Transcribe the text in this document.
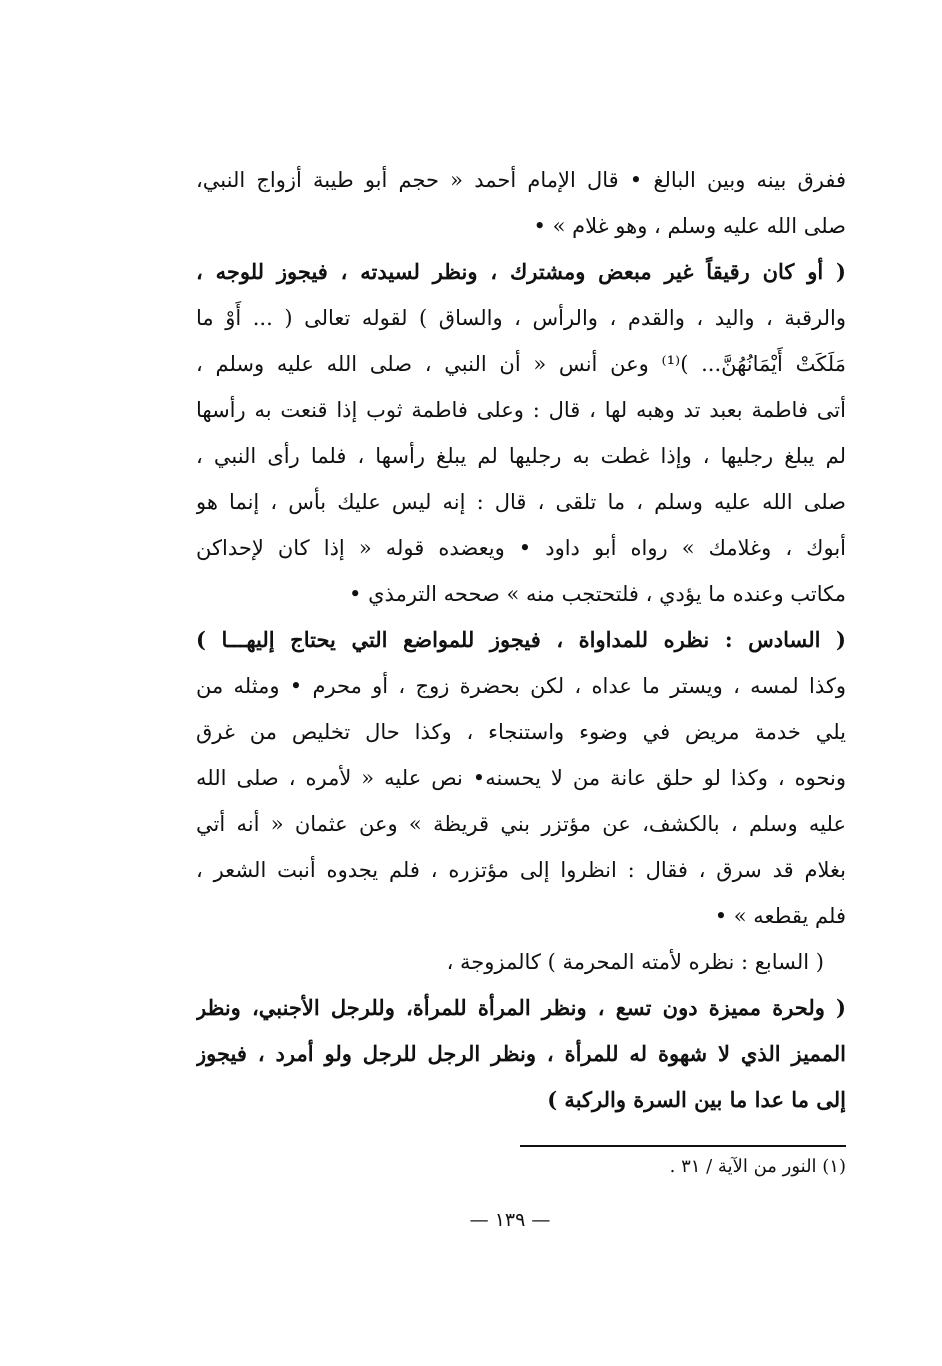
ففرق بينه وبين البالغ • قال الإمام أحمد « حجم أبو طيبة أزواج النبي،
صلى الله عليه وسلم ، وهو غلام » •
( أو كان رقيقاً غير مبعض ومشترك ، ونظر لسيدته ، فيجوز للوجه ،
والرقبة ، واليد ، والقدم ، والرأس ، والساق ) لقوله تعالى ( ... أَوْ ما
مَلَكَتْ أَيْمَانُهُنَّ... )⁽¹⁾ وعن أنس « أن النبي ، صلى الله عليه وسلم ،
أتى فاطمة بعبد تد وهبه لها ، قال : وعلى فاطمة ثوب إذا قنعت به رأسها
لم يبلغ رجليها ، وإذا غطت به رجليها لم يبلغ رأسها ، فلما رأى النبي ،
صلى الله عليه وسلم ، ما تلقى ، قال : إنه ليس عليك بأس ، إنما هو
أبوك ، وغلامك » رواه أبو داود • ويعضده قوله « إذا كان لإحداكن
مكاتب وعنده ما يؤدي ، فلتحتجب منه » صححه الترمذي •
( السادس : نظره للمداواة ، فيجوز للمواضع التي يحتاج إليهـــا )
وكذا لمسه ، ويستر ما عداه ، لكن بحضرة زوج ، أو محرم • ومثله من
يلي خدمة مريض في وضوء واستنجاء ، وكذا حال تخليص من غرق
ونحوه ، وكذا لو حلق عانة من لا يحسنه• نص عليه « لأمره ، صلى الله
عليه وسلم ، بالكشف، عن مؤتزر بني قريظة » وعن عثمان « أنه أتي
بغلام قد سرق ، فقال : انظروا إلى مؤتزره ، فلم يجدوه أنبت الشعر ،
فلم يقطعه » •
( السابع : نظره لأمته المحرمة ) كالمزوجة ،
( ولحرة مميزة دون تسع ، ونظر المرأة للمرأة، وللرجل الأجنبي، ونظر
المميز الذي لا شهوة له للمرأة ، ونظر الرجل للرجل ولو أمرد ، فيجوز
إلى ما عدا ما بين السرة والركبة )
(١) النور من الآية / ٣١ .
— ١٣٩ —
